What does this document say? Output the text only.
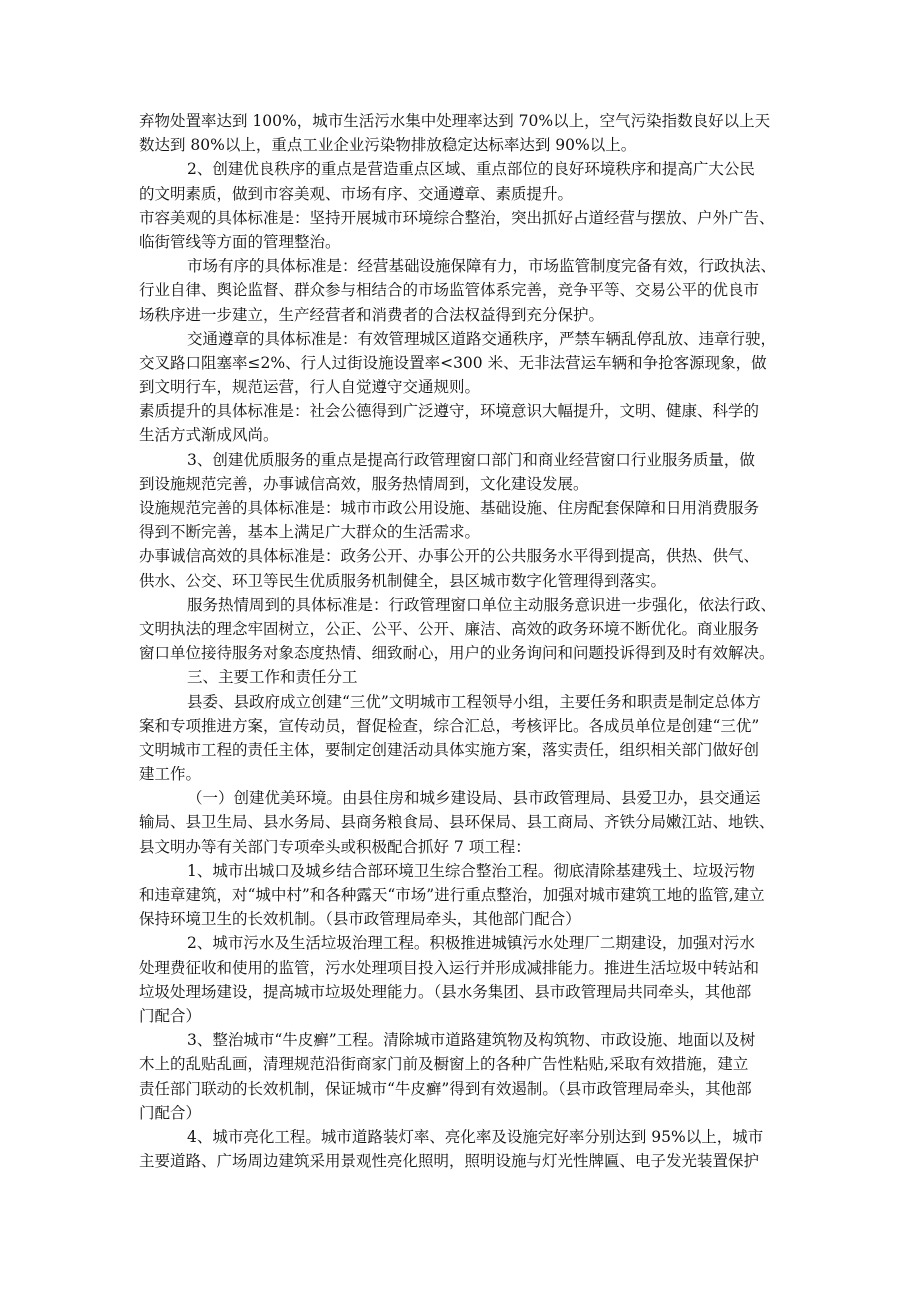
弃物处置率达到 100%，城市生活污水集中处理率达到 70%以上，空气污染指数良好以上天

数达到 80%以上，重点工业企业污染物排放稳定达标率达到 90%以上。

2、创建优良秩序的重点是营造重点区域、重点部位的良好环境秩序和提高广大公民

的文明素质，做到市容美观、市场有序、交通遵章、素质提升。

市容美观的具体标准是：坚持开展城市环境综合整治，突出抓好占道经营与摆放、户外广告、

临街管线等方面的管理整治。

市场有序的具体标准是：经营基础设施保障有力，市场监管制度完备有效，行政执法、

行业自律、舆论监督、群众参与相结合的市场监管体系完善，竞争平等、交易公平的优良市

场秩序进一步建立，生产经营者和消费者的合法权益得到充分保护。

交通遵章的具体标准是：有效管理城区道路交通秩序，严禁车辆乱停乱放、违章行驶，

交叉路口阻塞率≤2%、行人过街设施设置率<300 米、无非法营运车辆和争抢客源现象，做

到文明行车，规范运营，行人自觉遵守交通规则。

素质提升的具体标准是：社会公德得到广泛遵守，环境意识大幅提升，文明、健康、科学的

生活方式渐成风尚。

3、创建优质服务的重点是提高行政管理窗口部门和商业经营窗口行业服务质量，做

到设施规范完善，办事诚信高效，服务热情周到，文化建设发展。

设施规范完善的具体标准是：城市市政公用设施、基础设施、住房配套保障和日用消费服务

得到不断完善，基本上满足广大群众的生活需求。

办事诚信高效的具体标准是：政务公开、办事公开的公共服务水平得到提高，供热、供气、

供水、公交、环卫等民生优质服务机制健全，县区城市数字化管理得到落实。

服务热情周到的具体标准是：行政管理窗口单位主动服务意识进一步强化，依法行政、

文明执法的理念牢固树立，公正、公平、公开、廉洁、高效的政务环境不断优化。商业服务

窗口单位接待服务对象态度热情、细致耐心，用户的业务询问和问题投诉得到及时有效解决。

三、主要工作和责任分工

县委、县政府成立创建“三优”文明城市工程领导小组，主要任务和职责是制定总体方

案和专项推进方案，宣传动员，督促检查，综合汇总，考核评比。各成员单位是创建“三优”

文明城市工程的责任主体，要制定创建活动具体实施方案，落实责任，组织相关部门做好创

建工作。

（一）创建优美环境。由县住房和城乡建设局、县市政管理局、县爱卫办，县交通运

输局、县卫生局、县水务局、县商务粮食局、县环保局、县工商局、齐铁分局嫩江站、地铁、

县文明办等有关部门专项牵头或积极配合抓好 7 项工程：

1、城市出城口及城乡结合部环境卫生综合整治工程。彻底清除基建残土、垃圾污物

和违章建筑，对“城中村”和各种露天“市场”进行重点整治，加强对城市建筑工地的监管,建立

保持环境卫生的长效机制。（县市政管理局牵头，其他部门配合）

2、城市污水及生活垃圾治理工程。积极推进城镇污水处理厂二期建设，加强对污水

处理费征收和使用的监管，污水处理项目投入运行并形成减排能力。推进生活垃圾中转站和

垃圾处理场建设，提高城市垃圾处理能力。（县水务集团、县市政管理局共同牵头，其他部

门配合）

3、整治城市“牛皮癣”工程。清除城市道路建筑物及构筑物、市政设施、地面以及树

木上的乱贴乱画，清理规范沿街商家门前及橱窗上的各种广告性粘贴,采取有效措施，建立

责任部门联动的长效机制，保证城市“牛皮癣”得到有效遏制。（县市政管理局牵头，其他部

门配合）

4、城市亮化工程。城市道路装灯率、亮化率及设施完好率分别达到 95%以上，城市

主要道路、广场周边建筑采用景观性亮化照明，照明设施与灯光性牌匾、电子发光装置保护
